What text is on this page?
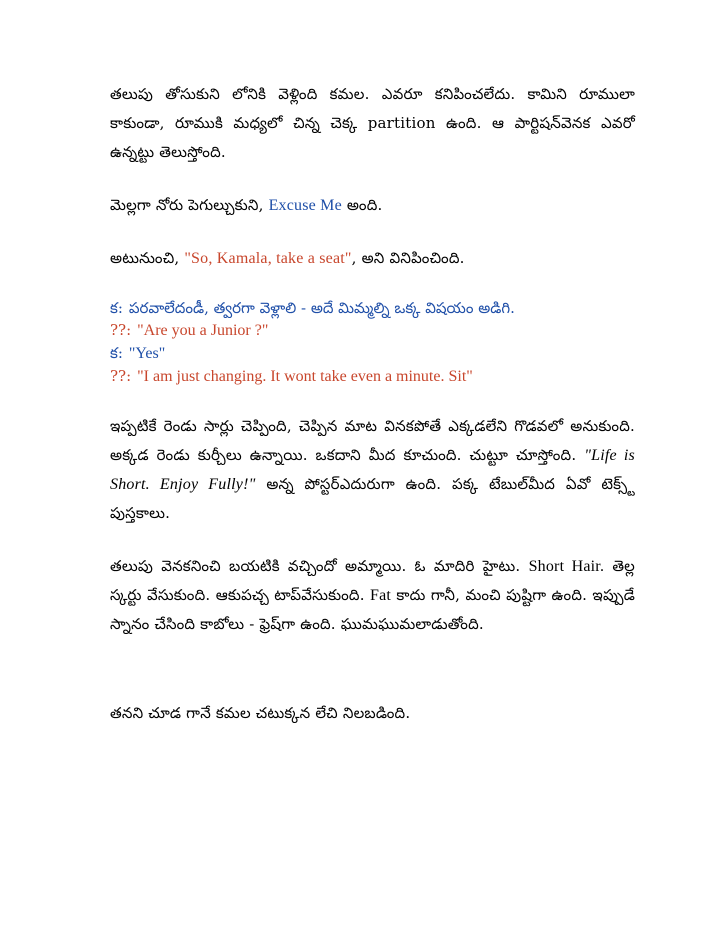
తలుపు తోసుకుని లోనికి వెళ్లింది కమల. ఎవరూ కనిపించలేదు. కామిని రూములా కాకుండా, రూముకి మధ్యలో చిన్న చెక్క partition ఉంది. ఆ పార్టిషన్‌వెనక ఎవరో ఉన్నట్టు తెలుస్తోంది.

మెల్లగా నోరు పెగుల్చుకుని, Excuse Me అంది.

అటునుంచి, "So, Kamala, take a seat", అని వినిపించింది.

క: పరవాలేదండీ, త్వరగా వెళ్లాలి - అదే మిమ్మల్ని ఒక్క విషయం అడిగి.
??: "Are you a Junior ?"
క: "Yes"
??: "I am just changing. It wont take even a minute. Sit"

ఇప్పటికే రెండు సార్లు చెప్పింది, చెప్పిన మాట వినకపోతే ఎక్కడలేని గొడవలో అనుకుంది. అక్కడ రెండు కుర్చీలు ఉన్నాయి. ఒకదాని మీద కూచుంది. చుట్టూ చూస్తోంది. "Life is Short. Enjoy Fully!" అన్న పోస్టర్ఎదురుగా ఉంది. పక్క టేబుల్‌మీద ఏవో టెక్స్ట్ పుస్తకాలు.

తలుపు వెనకనించి బయటికి వచ్చిందో అమ్మాయి. ఓ మాదిరి హైటు. Short Hair. తెల్ల స్కర్టు వేసుకుంది. ఆకుపచ్చ టాప్‌వేసుకుంది. Fat కాదు గానీ, మంచి పుష్టిగా ఉంది. ఇప్పుడే స్నానం చేసింది కాబోలు - ఫ్రెష్‌గా ఉంది. ఘుమఘుమలాడుతోంది.

తనని చూడ గానే కమల చటుక్కన లేచి నిలబడింది.
